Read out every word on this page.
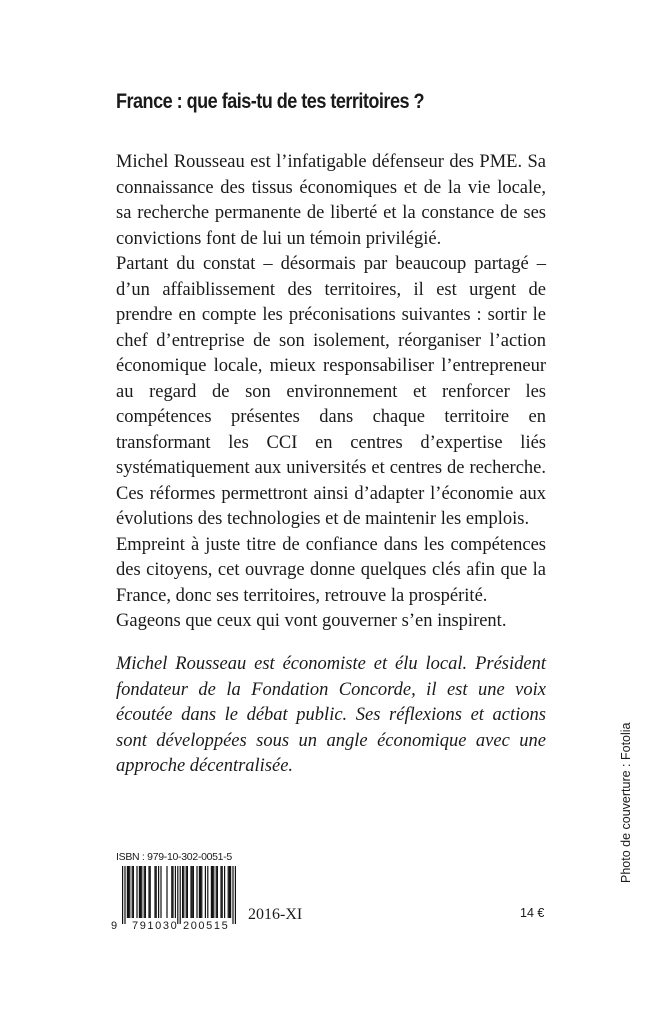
France : que fais-tu de tes territoires ?

Michel Rousseau est l’infatigable défenseur des PME. Sa connaissance des tissus économiques et de la vie locale, sa recherche permanente de liberté et la constance de ses convictions font de lui un témoin privilégié.

Partant du constat – désormais par beaucoup partagé – d’un affaiblissement des territoires, il est urgent de prendre en compte les préconisations suivantes : sortir le chef d’entreprise de son isolement, réorganiser l’action économique locale, mieux responsabiliser l’entrepreneur au regard de son environnement et renforcer les compétences présentes dans chaque territoire en transformant les CCI en centres d’expertise liés systématiquement aux universités et centres de recherche. Ces réformes permettront ainsi d’adapter l’économie aux évolutions des technologies et de maintenir les emplois.

Empreint à juste titre de confiance dans les compétences des citoyens, cet ouvrage donne quelques clés afin que la France, donc ses territoires, retrouve la prospérité.

Gageons que ceux qui vont gouverner s’en inspirent.

Michel Rousseau est économiste et élu local. Président fondateur de la Fondation Concorde, il est une voix écoutée dans le débat public. Ses réflexions et actions sont développées sous un angle économique avec une approche décentralisée.	Photo de couverture : Fotolia
ISBN : 979-10-302-0051-5
9 791030 200515
2016-XI	14 €
